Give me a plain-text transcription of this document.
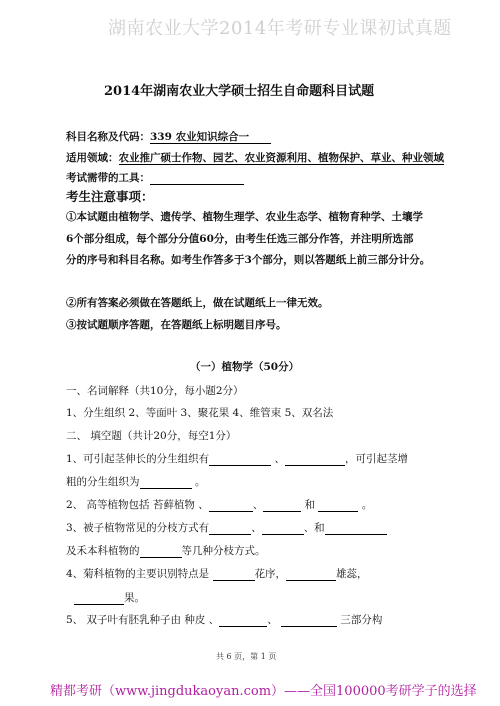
湖南农业大学2014年考研专业课初试真题
2014年湖南农业大学硕士招生自命题科目试题
科目名称及代码：339 农业知识综合一
适用领域：农业推广硕士作物、园艺、农业资源利用、植物保护、草业、种业领域
考试需带的工具：
考生注意事项：
①本试题由植物学、遗传学、植物生理学、农业生态学、植物育种学、土壤学
6个部分组成，每个部分分值60分，由考生任选三部分作答，并注明所选部
分的序号和科目名称。如考生作答多于3个部分，则以答题纸上前三部分计分。
②所有答案必须做在答题纸上，做在试题纸上一律无效。
③按试题顺序答题，在答题纸上标明题目序号。
（一）植物学（50分）
一、名词解释（共10分，每小题2分）
1、分生组织 2、等面叶 3、聚花果 4、维管束 5、双名法
二、 填空题（共计20分，每空1分）
1、可引起茎伸长的分生组织有	、	，可引起茎增
粗的分生组织为	。
2、 高等植物包括 苔藓植物 、	、	和	。
3、被子植物常见的分枝方式有	、	、和
及禾本科植物的	等几种分枝方式。
4、菊科植物的主要识别特点是	花序，	雄蕊，
果。
5、 双子叶有胚乳种子由 种皮 、	、	三部分构
共 6 页，第 1 页
精都考研（www.jingdukaoyan.com）——全国100000考研学子的选择
